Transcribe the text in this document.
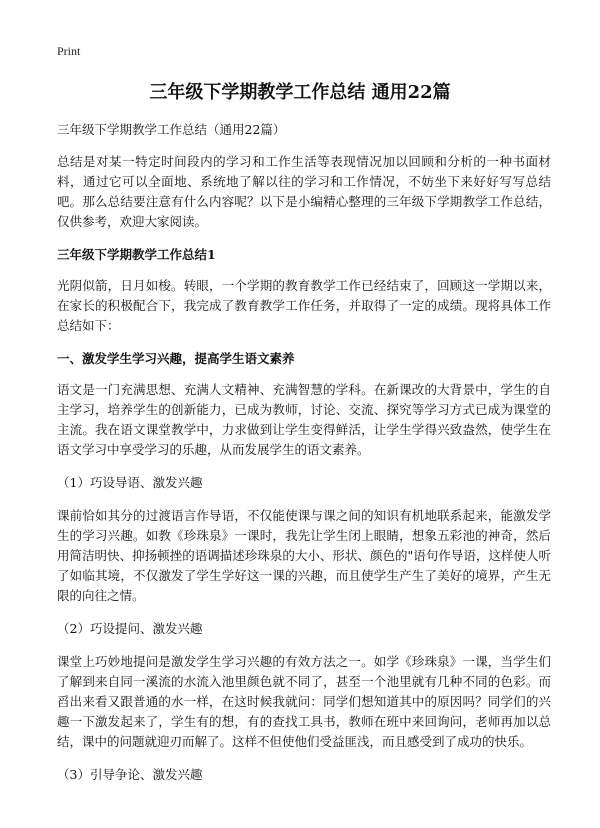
Print
三年级下学期教学工作总结 通用22篇

三年级下学期教学工作总结（通用22篇）

总结是对某一特定时间段内的学习和工作生活等表现情况加以回顾和分析的一种书面材料，通过它可以全面地、系统地了解以往的学习和工作情况，不妨坐下来好好写写总结吧。那么总结要注意有什么内容呢？以下是小编精心整理的三年级下学期教学工作总结，仅供参考，欢迎大家阅读。

三年级下学期教学工作总结1

光阴似箭，日月如梭。转眼，一个学期的教育教学工作已经结束了，回顾这一学期以来，在家长的积极配合下，我完成了教育教学工作任务，并取得了一定的成绩。现将具体工作总结如下：

一、激发学生学习兴趣，提高学生语文素养

语文是一门充满思想、充满人文精神、充满智慧的学科。在新课改的大背景中，学生的自主学习，培养学生的创新能力，已成为教师，讨论、交流、探究等学习方式已成为课堂的主流。我在语文课堂教学中，力求做到让学生变得鲜活，让学生学得兴致盎然，使学生在语文学习中享受学习的乐趣，从而发展学生的语文素养。

（1）巧设导语、激发兴趣

课前恰如其分的过渡语言作导语，不仅能使课与课之间的知识有机地联系起来，能激发学生的学习兴趣。如教《珍珠泉》一课时，我先让学生闭上眼睛，想象五彩池的神奇，然后用简洁明快、抑扬顿挫的语调描述珍珠泉的大小、形状、颜色的"语句作导语，这样使人听了如临其境，不仅激发了学生学好这一课的兴趣，而且使学生产生了美好的境界，产生无限的向往之情。

（2）巧设提问、激发兴趣

课堂上巧妙地提问是激发学生学习兴趣的有效方法之一。如学《珍珠泉》一课，当学生们了解到来自同一溪流的水流入池里颜色就不同了，甚至一个池里就有几种不同的色彩。而舀出来看又跟普通的水一样，在这时候我就问：同学们想知道其中的原因吗？同学们的兴趣一下激发起来了，学生有的想，有的查找工具书，教师在班中来回询问，老师再加以总结，课中的问题就迎刃而解了。这样不但使他们受益匪浅，而且感受到了成功的快乐。

（3）引导争论、激发兴趣
